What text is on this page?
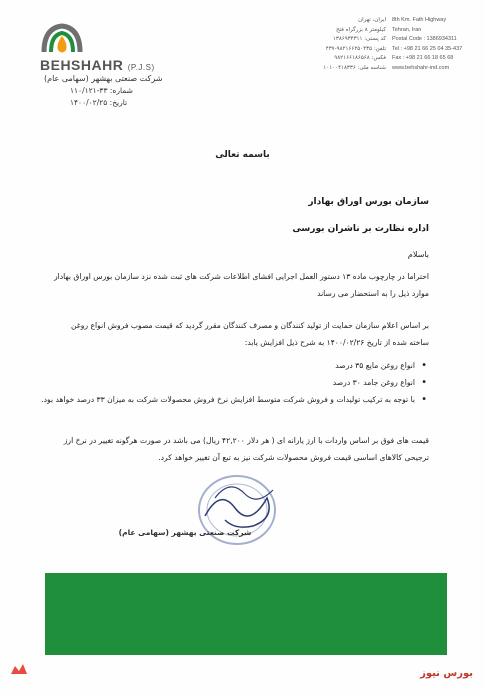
BEHSHAHR (P.J.S)
شرکت صنعتی بهشهر (سهامی عام)
شماره: ۳۳-۱۱۰/۱۲۱
تاریخ: ۱۴۰۰/۰۲/۲۵
ایران، تهران
کیلومتر ۸ بزرگراه فتح
کد پستی: ۱۳۸۶۹۳۴۳۱۱
تلفن: ۹۸۲۱۶۶۲۵۰۴۳۵-۴۳۷
فکس: ۹۸۲۱۶۶۱۸۶۵۶۸
شناسه ملی: ۱۰۱۰۰۴۱۸۳۳۶
8th Km. Fath Highway
Tehran, Iran
Postal Code : 1386934311
Tel : +98 21 66 25 04 35-437
Fax : +98 21 66 18 65 68
www.behshahr-ind.com
باسمه تعالی
سازمان بورس اوراق بهادار
اداره نظارت بر ناشران بورسی
باسلام
احتراما در چارچوب ماده ۱۳ دستور العمل اجرایی افشای اطلاعات شرکت های ثبت شده نزد سازمان بورس اوراق بهادار موارد ذیل را به استحضار می رساند
بر اساس اعلام سازمان حمایت از تولید کنندگان و مصرف کنندگان مقرر گردید که قیمت مصوب فروش انواع روغن ساخته شده از تاریخ ۱۴۰۰/۰۲/۲۶ به شرح ذیل افزایش یابد:
• انواع روغن مایع ۳۵ درصد
• انواع روغن جامد ۳۰ درصد
• با توجه به ترکیب تولیدات و فروش شرکت متوسط افزایش نرخ فروش محصولات شرکت به میزان ۳۳ درصد خواهد بود.
قیمت های فوق بر اساس واردات با ارز یارانه ای ( هر دلار ۴۲,۲۰۰ ریال) می باشد در صورت هرگونه تغییر در نرخ ارز ترجیحی کالاهای اساسی قیمت فروش محصولات شرکت نیز به تبع آن تغییر خواهد کرد.
شرکت صنعتی بهشهر (سهامی عام)
بورس نیوز
